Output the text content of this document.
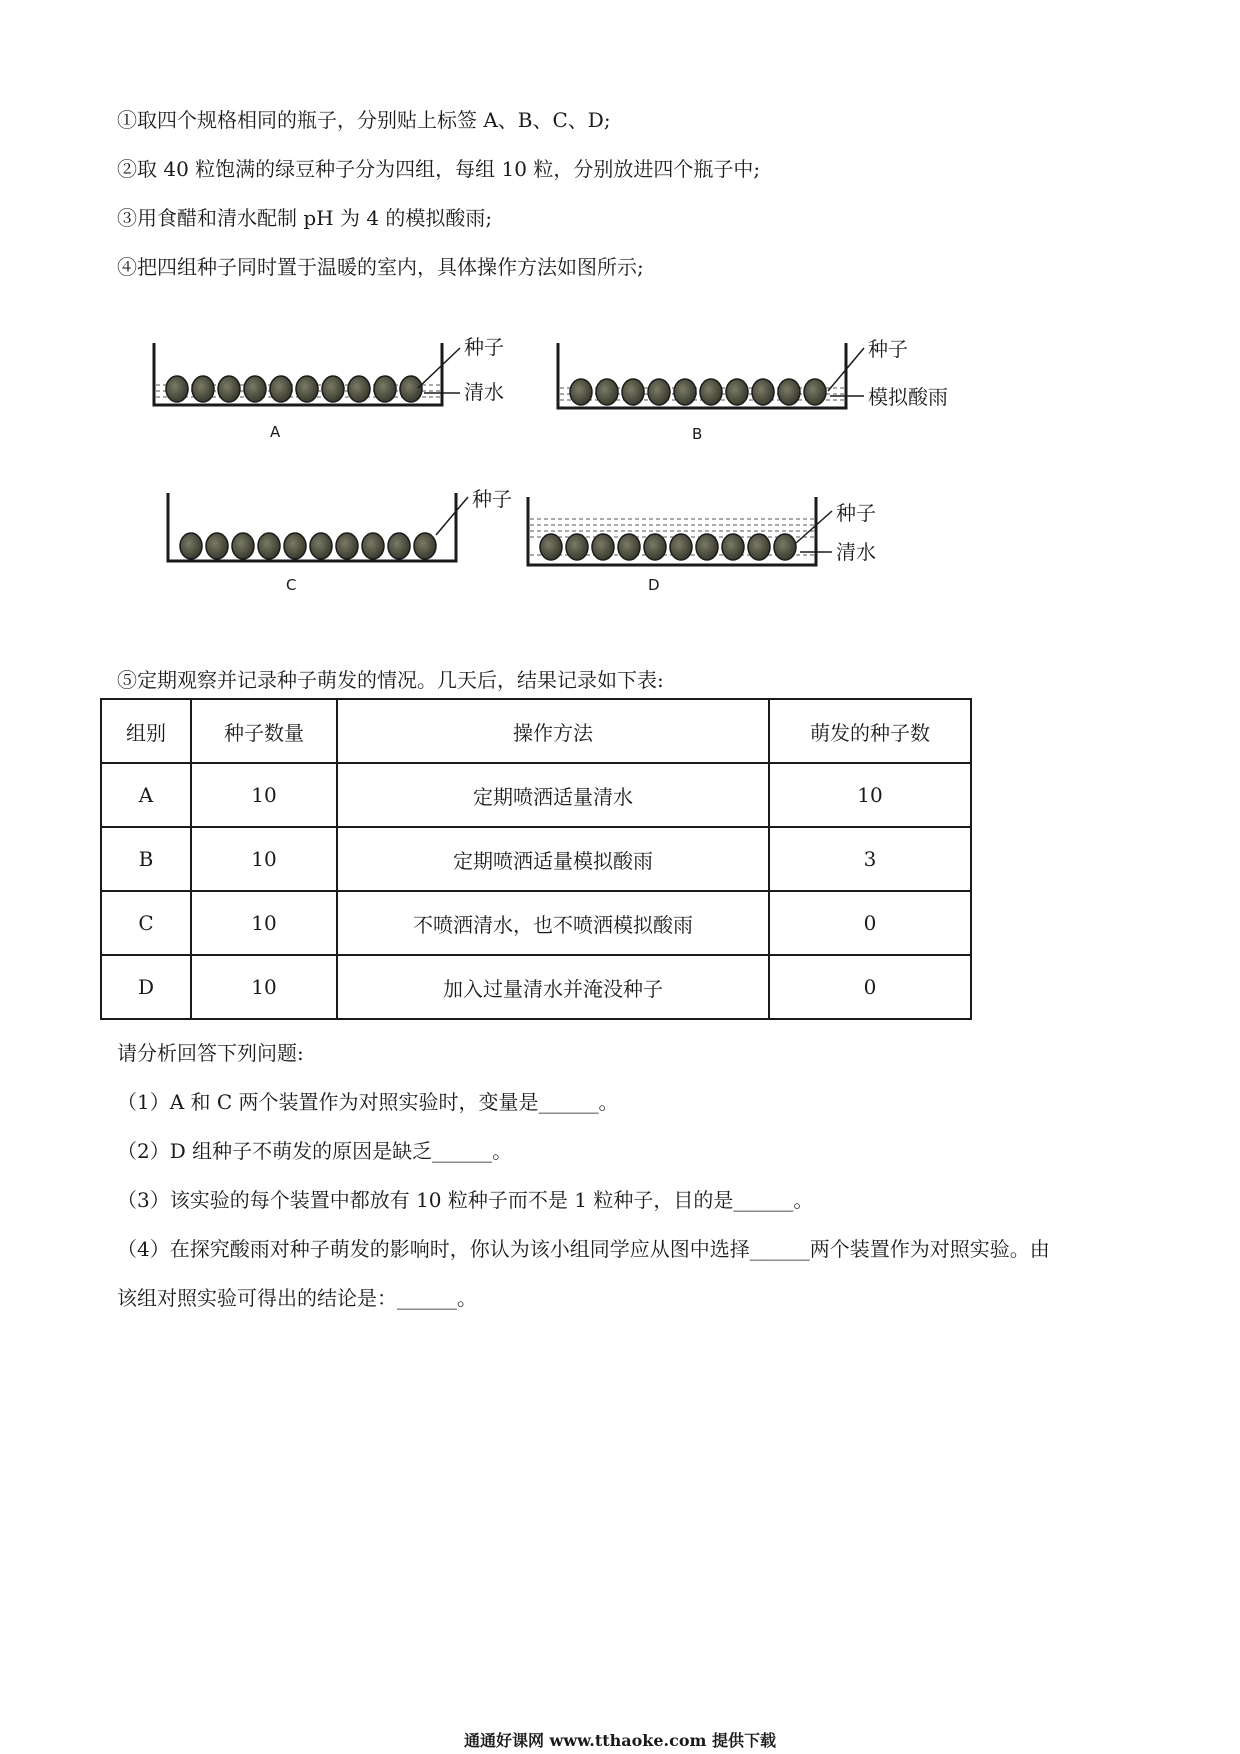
①取四个规格相同的瓶子，分别贴上标签 A、B、C、D;
②取 40 粒饱满的绿豆种子分为四组，每组 10 粒，分别放进四个瓶子中;
③用食醋和清水配制 pH 为 4 的模拟酸雨;
④把四组种子同时置于温暖的室内，具体操作方法如图所示;
种子
清水
A
种子
模拟酸雨
B
种子
C
种子
清水
D
⑤定期观察并记录种子萌发的情况。几天后，结果记录如下表:
组别	种子数量	操作方法	萌发的种子数
A	10	定期喷洒适量清水	10
B	10	定期喷洒适量模拟酸雨	3
C	10	不喷洒清水，也不喷洒模拟酸雨	0
D	10	加入过量清水并淹没种子	0
请分析回答下列问题:
（1）A 和 C 两个装置作为对照实验时，变量是______。
（2）D 组种子不萌发的原因是缺乏______。
（3）该实验的每个装置中都放有 10 粒种子而不是 1 粒种子，目的是______。
（4）在探究酸雨对种子萌发的影响时，你认为该小组同学应从图中选择______两个装置作为对照实验。由
该组对照实验可得出的结论是：______。
通通好课网 www.tthaoke.com 提供下载
